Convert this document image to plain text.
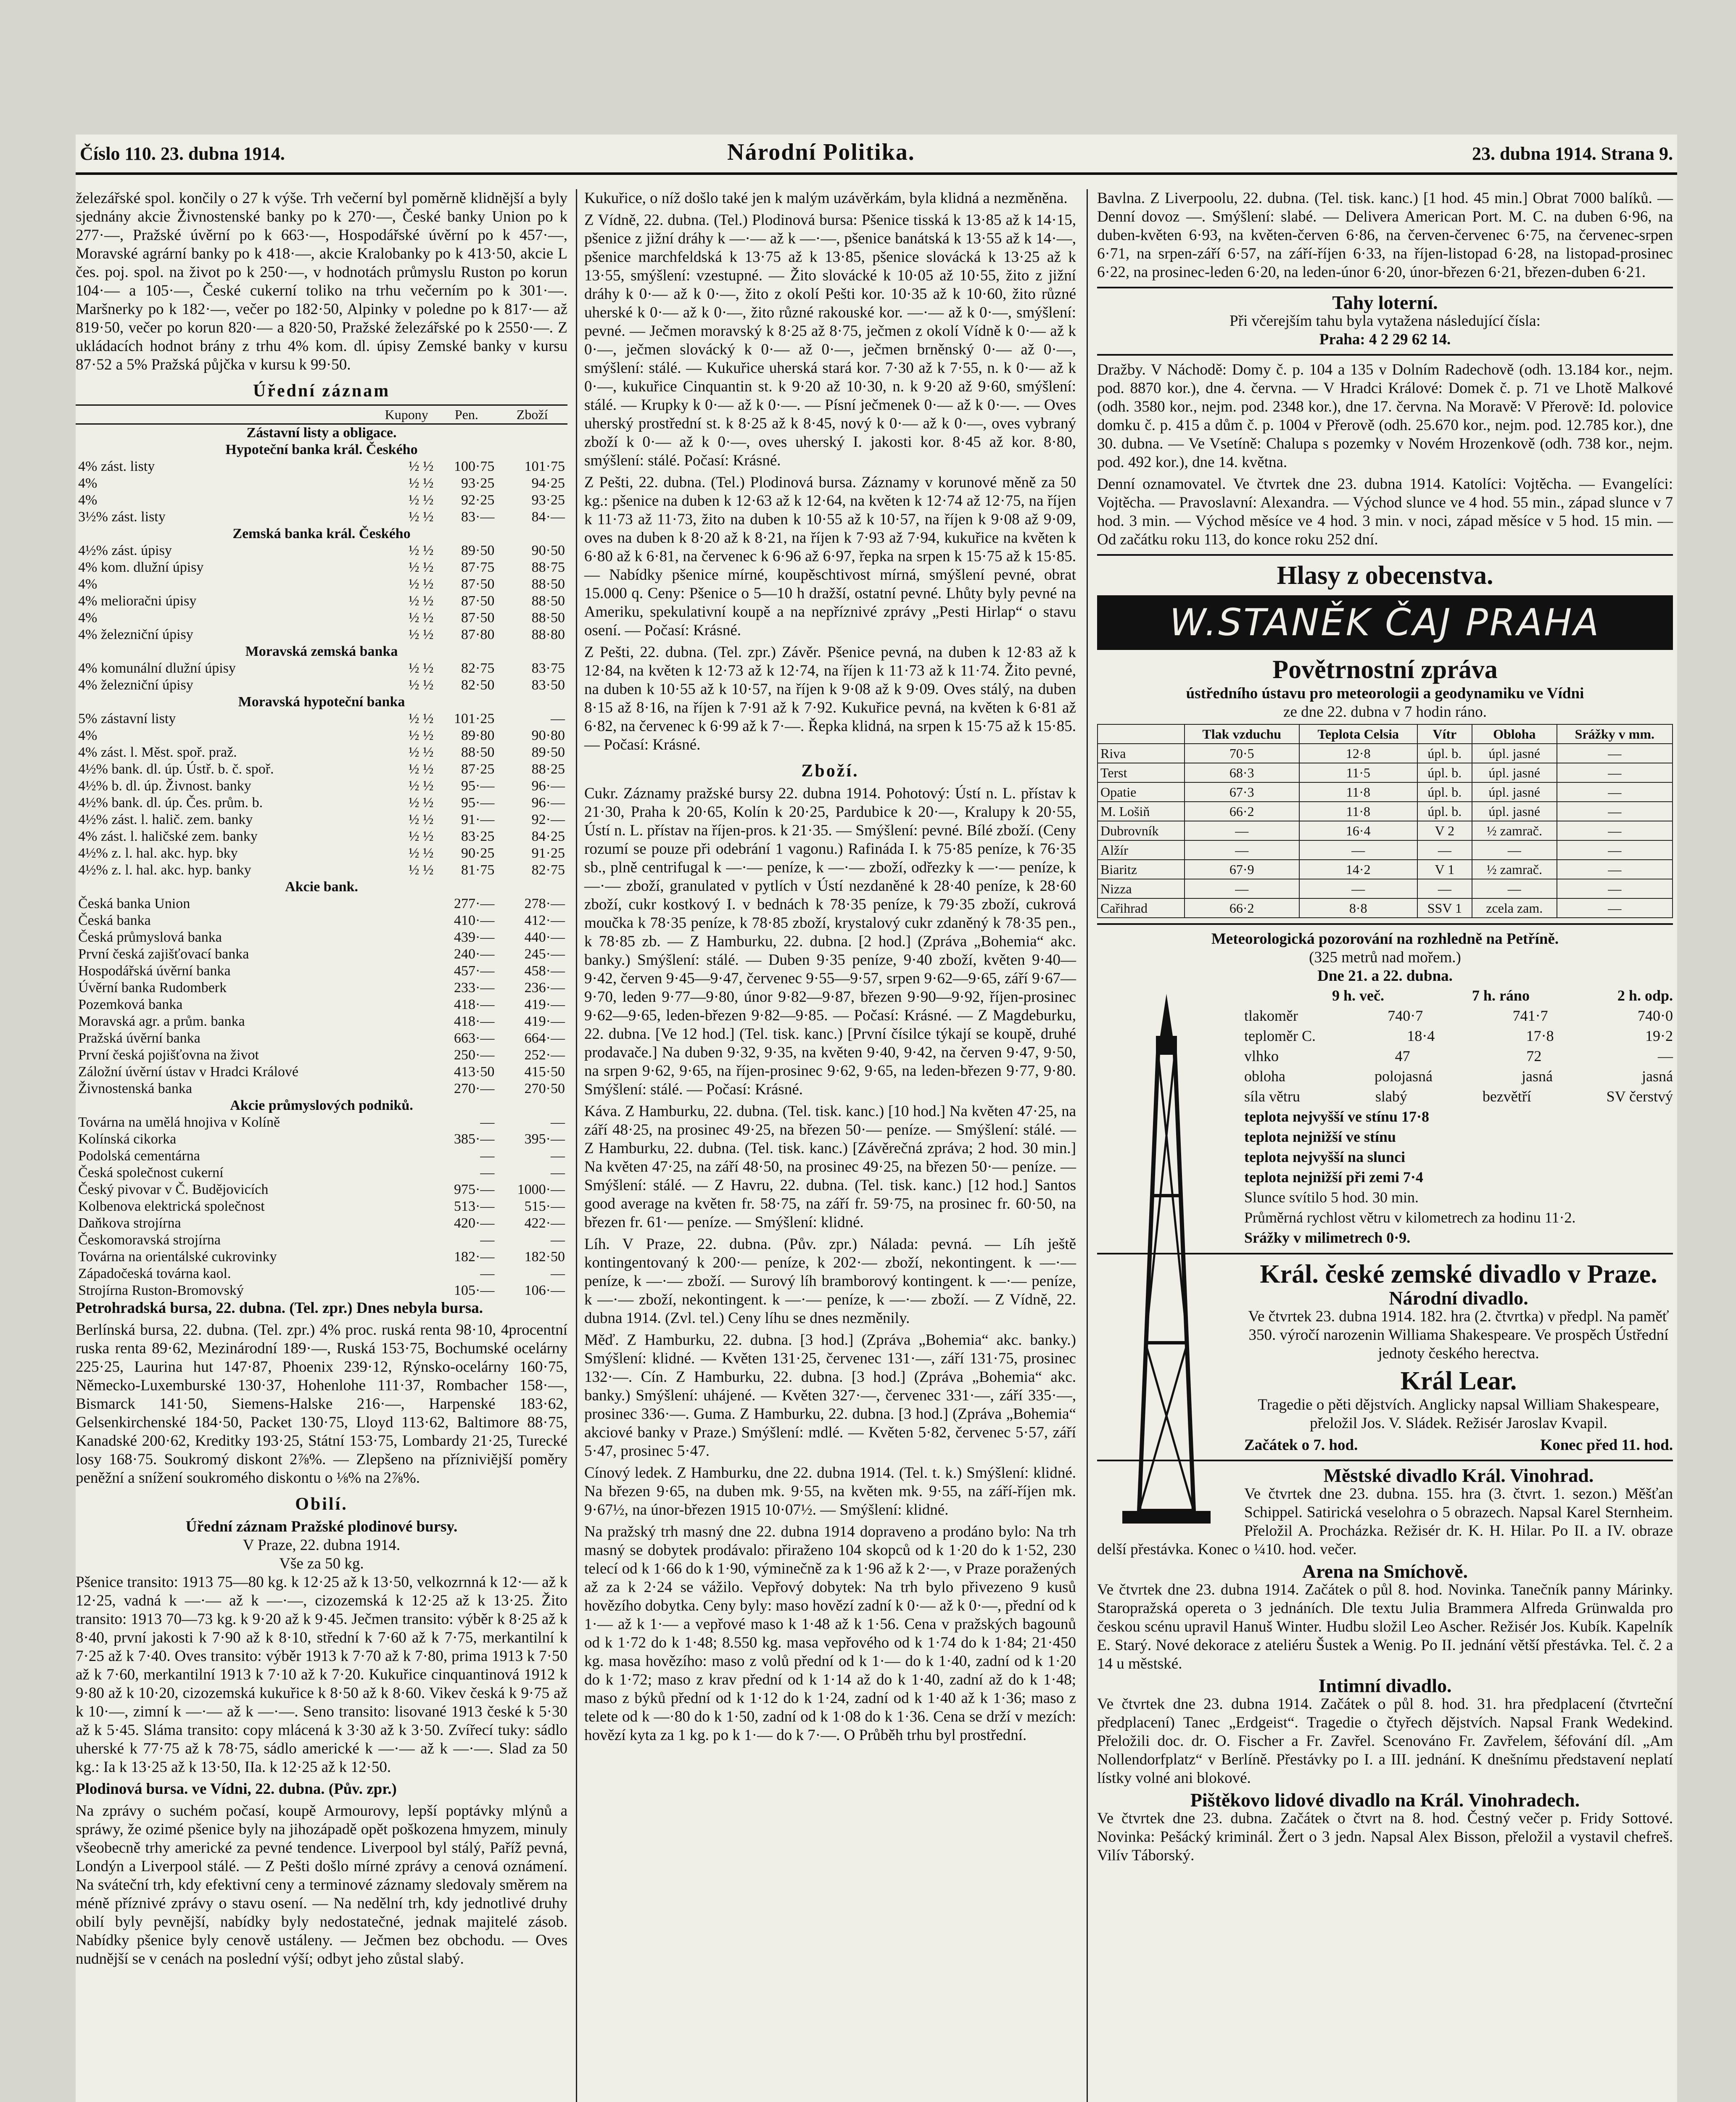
Číslo 110. 23. dubna 1914.	Národní Politika.	23. dubna 1914. Strana 9.

železářské spol. končily o 27 k výše. Trh večerní byl poměrně klidnější a byly sjednány akcie Živnostenské banky po k 270·—, České banky Union po k 277·—, Pražské úvěrní po k 663·—, Hospodářské úvěrní po k 457·—, Moravské agrární banky po k 418·—, akcie Kralobanky po k 413·50, akcie L čes. poj. spol. na život po k 250·—, v hodnotách průmyslu Ruston po korun 104·— a 105·—, České cukerní toliko na trhu večerním po k 301·—. Maršnerky po k 182·—, večer po 182·50, Alpinky v poledne po k 817·— až 819·50, večer po korun 820·— a 820·50, Pražské železářské po k 2550·—. Z ukládacích hodnot brány z trhu 4% kom. dl. úpisy Zemské banky v kursu 87·52 a 5% Pražská půjčka v kursu k 99·50.

Úřední záznam
	Kupony	Pen.	Zboží
Zástavní listy a obligace.			
Hypoteční banka král. Českého			
4% zást. listy	½ ½	100·75	101·75
4%	½ ½	93·25	94·25
4%	½ ½	92·25	93·25
3½% zást. listy	½ ½	83·—	84·—
Zemská banka král. Českého			
4½% zást. úpisy	½ ½	89·50	90·50
4% kom. dlužní úpisy	½ ½	87·75	88·75
4%	½ ½	87·50	88·50
4% melioračni úpisy	½ ½	87·50	88·50
4%	½ ½	87·50	88·50
4% železniční úpisy	½ ½	87·80	88·80
Moravská zemská banka			
4% komunální dlužní úpisy	½ ½	82·75	83·75
4% železniční úpisy	½ ½	82·50	83·50
Moravská hypoteční banka			
5% zástavní listy	½ ½	101·25	—
4%	½ ½	89·80	90·80
4% zást. l. Měst. spoř. praž.	½ ½	88·50	89·50
4½% bank. dl. úp. Ústř. b. č. spoř.	½ ½	87·25	88·25
4½% b. dl. úp. Živnost. banky	½ ½	95·—	96·—
4½% bank. dl. úp. Čes. prům. b.	½ ½	95·—	96·—
4½% zást. l. halič. zem. banky	½ ½	91·—	92·—
4% zást. l. haličské zem. banky	½ ½	83·25	84·25
4½% z. l. hal. akc. hyp. bky	½ ½	90·25	91·25
4½% z. l. hal. akc. hyp. banky	½ ½	81·75	82·75
Akcie bank.			
Česká banka Union		277·—	278·—
Česká banka		410·—	412·—
Česká průmyslová banka		439·—	440·—
První česká zajišťovací banka		240·—	245·—
Hospodářská úvěrní banka		457·—	458·—
Úvěrní banka Rudomberk		233·—	236·—
Pozemková banka		418·—	419·—
Moravská agr. a prům. banka		418·—	419·—
Pražská úvěrní banka		663·—	664·—
První česká pojišťovna na život		250·—	252·—
Záložní úvěrní ústav v Hradci Králové		413·50	415·50
Živnostenská banka		270·—	270·50
Akcie průmyslových podniků.			
Továrna na umělá hnojiva v Kolíně		—	—
Kolínská cikorka		385·—	395·—
Podolská cementárna		—	—
Česká společnost cukerní		—	—
Český pivovar v Č. Budějovicích		975·—	1000·—
Kolbenova elektrická společnost		513·—	515·—
Daňkova strojírna		420·—	422·—
Českomoravská strojírna		—	—
Továrna na orientálské cukrovinky		182·—	182·50
Západočeská továrna kaol.		—	—
Strojírna Ruston-Bromovský		105·—	106·—

Petrohradská bursa, 22. dubna. (Tel. zpr.) Dnes nebyla bursa.

Berlínská bursa, 22. dubna. (Tel. zpr.) 4% proc. ruská renta 98·10, 4procentní ruska renta 89·62, Mezinárodní 189·—, Ruská 153·75, Bochumské ocelárny 225·25, Laurina hut 147·87, Phoenix 239·12, Rýnsko-ocelárny 160·75, Německo-Luxemburské 130·37, Hohenlohe 111·37, Rombacher 158·—, Bismarck 141·50, Siemens-Halske 216·—, Harpenské 183·62, Gelsenkirchenské 184·50, Packet 130·75, Lloyd 113·62, Baltimore 88·75, Kanadské 200·62, Kreditky 193·25, Státní 153·75, Lombardy 21·25, Turecké losy 168·75. Soukromý diskont 2⅞%. — Zlepšeno na přízniviější poměry peněžní a snížení soukromého diskontu o ⅛% na 2⅞%.

Obilí.
Úřední záznam Pražské plodinové bursy.
V Praze, 22. dubna 1914.
Vše za 50 kg.

Pšenice transito: 1913 75—80 kg. k 12·25 až k 13·50, velkozrnná k 12·— až k 12·25, vadná k —·— až k —·—, cizozemská k 12·25 až k 13·25. Žito transito: 1913 70—73 kg. k 9·20 až k 9·45. Ječmen transito: výběr k 8·25 až k 8·40, první jakosti k 7·90 až k 8·10, střední k 7·60 až k 7·75, merkantilní k 7·25 až k 7·40. Oves transito: výběr 1913 k 7·70 až k 7·80, prima 1913 k 7·50 až k 7·60, merkantilní 1913 k 7·10 až k 7·20. Kukuřice cinquantinová 1912 k 9·80 až k 10·20, cizozemská kukuřice k 8·50 až k 8·60. Vikev česká k 9·75 až k 10·—, zimní k —·— až k —·—. Seno transito: lisované 1913 české k 5·30 až k 5·45. Sláma transito: copy mlácená k 3·30 až k 3·50. Zvířecí tuky: sádlo uherské k 77·75 až k 78·75, sádlo americké k —·— až k —·—. Slad za 50 kg.: Ia k 13·25 až k 13·50, IIa. k 12·25 až k 12·50.

Plodinová bursa. ve Vídni, 22. dubna. (Pův. zpr.)

Na zprávy o suchém počasí, koupě Armourovy, lepší poptávky mlýnů a spráwy, že ozimé pšenice byly na jihozápadě opět poškozena hmyzem, minuly všeobecně trhy americké za pevné tendence. Liverpool byl stálý, Paříž pevná, Londýn a Liverpool stálé. — Z Pešti došlo mírné zprávy a cenová oznámení. Na sváteční trh, kdy efektivní ceny a terminové záznamy sledovaly směrem na méně příznivé zprávy o stavu osení. — Na nedělní trh, kdy jednotlivé druhy obilí byly pevnější, nabídky byly nedostatečné, jednak majitelé zásob. Nabídky pšenice byly cenově ustáleny. — Ječmen bez obchodu. — Oves nudnější se v cenách na poslední výší; odbyt jeho zůstal slabý.

Kukuřice, o níž došlo také jen k malým uzávěrkám, byla klidná a nezměněna.

Z Vídně, 22. dubna. (Tel.) Plodinová bursa: Pšenice tisská k 13·85 až k 14·15, pšenice z jižní dráhy k —·— až k —·—, pšenice banátská k 13·55 až k 14·—, pšenice marchfeldská k 13·75 až k 13·85, pšenice slovácká k 13·25 až k 13·55, smýšlení: vzestupné. — Žito slovácké k 10·05 až 10·55, žito z jižní dráhy k 0·— až k 0·—, žito z okolí Pešti kor. 10·35 až k 10·60, žito různé uherské k 0·— až k 0·—, žito různé rakouské kor. —·— až k 0·—, smýšlení: pevné. — Ječmen moravský k 8·25 až 8·75, ječmen z okolí Vídně k 0·— až k 0·—, ječmen slovácký k 0·— až 0·—, ječmen brněnský 0·— až 0·—, smýšlení: stálé. — Kukuřice uherská stará kor. 7·30 až k 7·55, n. k 0·— až k 0·—, kukuřice Cinquantin st. k 9·20 až 10·30, n. k 9·20 až 9·60, smýšlení: stálé. — Krupky k 0·— až k 0·—. — Písní ječmenek 0·— až k 0·—. — Oves uherský prostřední st. k 8·25 až k 8·45, nový k 0·— až k 0·—, oves vybraný zboží k 0·— až k 0·—, oves uherský I. jakosti kor. 8·45 až kor. 8·80, smýšlení: stálé. Počasí: Krásné.

Z Pešti, 22. dubna. (Tel.) Plodinová bursa. Záznamy v korunové měně za 50 kg.: pšenice na duben k 12·63 až k 12·64, na květen k 12·74 až 12·75, na říjen k 11·73 až 11·73, žito na duben k 10·55 až k 10·57, na říjen k 9·08 až 9·09, oves na duben k 8·20 až k 8·21, na říjen k 7·93 až 7·94, kukuřice na květen k 6·80 až k 6·81, na červenec k 6·96 až 6·97, řepka na srpen k 15·75 až k 15·85. — Nabídky pšenice mírné, koupěschtivost mírná, smýšlení pevné, obrat 15.000 q. Ceny: Pšenice o 5—10 h dražší, ostatní pevné. Lhůty byly pevné na Ameriku, spekulativní koupě a na nepříznivé zprávy „Pesti Hirlap“ o stavu osení. — Počasí: Krásné.

Z Pešti, 22. dubna. (Tel. zpr.) Závěr. Pšenice pevná, na duben k 12·83 až k 12·84, na květen k 12·73 až k 12·74, na říjen k 11·73 až k 11·74. Žito pevné, na duben k 10·55 až k 10·57, na říjen k 9·08 až k 9·09. Oves stálý, na duben 8·15 až 8·16, na říjen k 7·91 až k 7·92. Kukuřice pevná, na květen k 6·81 až 6·82, na červenec k 6·99 až k 7·—. Řepka klidná, na srpen k 15·75 až k 15·85. — Počasí: Krásné.

Zboží.

Cukr. Záznamy pražské bursy 22. dubna 1914. Pohotový: Ústí n. L. přístav k 21·30, Praha k 20·65, Kolín k 20·25, Pardubice k 20·—, Kralupy k 20·55, Ústí n. L. přístav na říjen-pros. k 21·35. — Smýšlení: pevné. Bílé zboží. (Ceny rozumí se pouze při odebrání 1 vagonu.) Rafináda I. k 75·85 peníze, k 76·35 sb., plně centrifugal k —·— peníze, k —·— zboží, odřezky k —·— peníze, k —·— zboží, granulated v pytlích v Ústí nezdaněné k 28·40 peníze, k 28·60 zboží, cukr kostkový I. v bednách k 78·35 peníze, k 79·35 zboží, cukrová moučka k 78·35 peníze, k 78·85 zboží, krystalový cukr zdaněný k 78·35 pen., k 78·85 zb. — Z Hamburku, 22. dubna. [2 hod.] (Zpráva „Bohemia“ akc. banky.) Smýšlení: stálé. — Duben 9·35 peníze, 9·40 zboží, květen 9·40—9·42, červen 9·45—9·47, červenec 9·55—9·57, srpen 9·62—9·65, září 9·67—9·70, leden 9·77—9·80, únor 9·82—9·87, březen 9·90—9·92, říjen-prosinec 9·62—9·65, leden-březen 9·82—9·85. — Počasí: Krásné. — Z Magdeburku, 22. dubna. [Ve 12 hod.] (Tel. tisk. kanc.) [První čísilce týkají se koupě, druhé prodavače.] Na duben 9·32, 9·35, na květen 9·40, 9·42, na červen 9·47, 9·50, na srpen 9·62, 9·65, na říjen-prosinec 9·62, 9·65, na leden-březen 9·77, 9·80. Smýšlení: stálé. — Počasí: Krásné.

Káva. Z Hamburku, 22. dubna. (Tel. tisk. kanc.) [10 hod.] Na květen 47·25, na září 48·25, na prosinec 49·25, na březen 50·— peníze. — Smýšlení: stálé. — Z Hamburku, 22. dubna. (Tel. tisk. kanc.) [Závěrečná zpráva; 2 hod. 30 min.] Na květen 47·25, na září 48·50, na prosinec 49·25, na březen 50·— peníze. — Smýšlení: stálé. — Z Havru, 22. dubna. (Tel. tisk. kanc.) [12 hod.] Santos good average na květen fr. 58·75, na září fr. 59·75, na prosinec fr. 60·50, na březen fr. 61·— peníze. — Smýšlení: klidné.

Líh. V Praze, 22. dubna. (Pův. zpr.) Nálada: pevná. — Líh ještě kontingentovaný k 200·— peníze, k 202·— zboží, nekontingent. k —·— peníze, k —·— zboží. — Surový líh bramborový kontingent. k —·— peníze, k —·— zboží, nekontingent. k —·— peníze, k —·— zboží. — Z Vídně, 22. dubna 1914. (Zvl. tel.) Ceny líhu se dnes nezměnily.

Měď. Z Hamburku, 22. dubna. [3 hod.] (Zpráva „Bohemia“ akc. banky.) Smýšlení: klidné. — Květen 131·25, červenec 131·—, září 131·75, prosinec 132·—. Cín. Z Hamburku, 22. dubna. [3 hod.] (Zpráva „Bohemia“ akc. banky.) Smýšlení: uhájené. — Květen 327·—, červenec 331·—, září 335·—, prosinec 336·—. Guma. Z Hamburku, 22. dubna. [3 hod.] (Zpráva „Bohemia“ akciové banky v Praze.) Smýšlení: mdlé. — Květen 5·82, červenec 5·57, září 5·47, prosinec 5·47.

Cínový ledek. Z Hamburku, dne 22. dubna 1914. (Tel. t. k.) Smýšlení: klidné. Na březen 9·65, na duben mk. 9·55, na květen mk. 9·55, na září-říjen mk. 9·67½, na únor-březen 1915 10·07½. — Smýšlení: klidné.

Na pražský trh masný dne 22. dubna 1914 dopraveno a prodáno bylo: Na trh masný se dobytek prodávalo: přiraženo 104 skopců od k 1·20 do k 1·52, 230 telecí od k 1·66 do k 1·90, výminečně za k 1·96 až k 2·—, v Praze poražených až za k 2·24 se vážilo. Vepřový dobytek: Na trh bylo přivezeno 9 kusů hovězího dobytka. Ceny byly: maso hovězí zadní k 0·— až k 0·—, přední od k 1·— až k 1·— a vepřové maso k 1·48 až k 1·56. Cena v pražských bagounů od k 1·72 do k 1·48; 8.550 kg. masa vepřového od k 1·74 do k 1·84; 21·450 kg. masa hovězího: maso z volů přední od k 1·— do k 1·40, zadní od k 1·20 do k 1·72; maso z krav přední od k 1·14 až do k 1·40, zadní až do k 1·48; maso z býků přední od k 1·12 do k 1·24, zadní od k 1·40 až k 1·36; maso z telete od k —·80 do k 1·50, zadní od k 1·08 do k 1·36. Cena se drží v mezích: hovězí kyta za 1 kg. po k 1·— do k 7·—. O Průběh trhu byl prostřední.

Bavlna. Z Liverpoolu, 22. dubna. (Tel. tisk. kanc.) [1 hod. 45 min.] Obrat 7000 balíků. — Denní dovoz —. Smýšlení: slabé. — Delivera American Port. M. C. na duben 6·96, na duben-květen 6·93, na květen-červen 6·86, na červen-červenec 6·75, na červenec-srpen 6·71, na srpen-září 6·57, na září-říjen 6·33, na říjen-listopad 6·28, na listopad-prosinec 6·22, na prosinec-leden 6·20, na leden-únor 6·20, únor-březen 6·21, březen-duben 6·21.

Tahy loterní.
Při včerejším tahu byla vytažena následující čísla:
Praha: 4 2 29 62 14.

Dražby. V Náchodě: Domy č. p. 104 a 135 v Dolním Radechově (odh. 13.184 kor., nejm. pod. 8870 kor.), dne 4. června. — V Hradci Králové: Domek č. p. 71 ve Lhotě Malkové (odh. 3580 kor., nejm. pod. 2348 kor.), dne 17. června. Na Moravě: V Přerově: Id. polovice domku č. p. 415 a dům č. p. 1004 v Přerově (odh. 25.670 kor., nejm. pod. 12.785 kor.), dne 30. dubna. — Ve Vsetíně: Chalupa s pozemky v Novém Hrozenkově (odh. 738 kor., nejm. pod. 492 kor.), dne 14. května.

Denní oznamovatel. Ve čtvrtek dne 23. dubna 1914. Katolíci: Vojtěcha. — Evangelíci: Vojtěcha. — Pravoslavní: Alexandra. — Východ slunce ve 4 hod. 55 min., západ slunce v 7 hod. 3 min. — Východ měsíce ve 4 hod. 3 min. v noci, západ měsíce v 5 hod. 15 min. — Od začátku roku 113, do konce roku 252 dní.

Hlasy z obecenstva.
W.STANĚK ČAJ PRAHA
Povětrnostní zpráva
ústředního ústavu pro meteorologii a geodynamiku ve Vídni
ze dne 22. dubna v 7 hodin ráno.
	Tlak vzduchu	Teplota Celsia	Vítr	Obloha	Srážky v mm.
Riva	70·5	12·8	úpl. b.	úpl. jasné	—
Terst	68·3	11·5	úpl. b.	úpl. jasné	—
Opatie	67·3	11·8	úpl. b.	úpl. jasné	—
M. Lošiň	66·2	11·8	úpl. b.	úpl. jasné	—
Dubrovník	—	16·4	V 2	½ zamrač.	—
Alžír	—	—	—	—	—
Biaritz	67·9	14·2	V 1	½ zamrač.	—
Nizza	—	—	—	—	—
Cařihrad	66·2	8·8	SSV 1	zcela zam.	—
Meteorologická pozorování na rozhledně na Petříně.
(325 metrů nad mořem.)
Dne 21. a 22. dubna.
9 h. več.	7 h. ráno	2 h. odp.
tlakoměr	740·7	741·7	740·0
teploměr C.	18·4	17·8	19·2
vlhko	47	72	—
obloha	polojasná	jasná	jasná
síla větru	slabý	bezvětří	SV čerstvý
teplota nejvyšší ve stínu 17·8
teplota nejnižší ve stínu
teplota nejvyšší na slunci
teplota nejnižší při zemi 7·4
Slunce svítilo 5 hod. 30 min.
Průměrná rychlost větru v kilometrech za hodinu 11·2.
Srážky v milimetrech 0·9.
Král. české zemské divadlo v Praze.
Národní divadlo.

Ve čtvrtek 23. dubna 1914. 182. hra (2. čtvrtka) v předpl. Na paměť 350. výročí narozenin Williama Shakespeare. Ve prospěch Ústřední jednoty českého herectva.

Král Lear.

Tragedie o pěti dějstvích. Anglicky napsal William Shakespeare, přeložil Jos. V. Sládek. Režisér Jaroslav Kvapil.

Začátek o 7. hod.	Konec před 11. hod.
Městské divadlo Král. Vinohrad.

Ve čtvrtek dne 23. dubna. 155. hra (3. čtvrt. 1. sezon.) Měšťan Schippel. Satirická veselohra o 5 obrazech. Napsal Karel Sternheim. Přeložil A. Procházka. Režisér dr. K. H. Hilar. Po II. a IV. obraze delší přestávka. Konec o ¼10. hod. večer.

Arena na Smíchově.

Ve čtvrtek dne 23. dubna 1914. Začátek o půl 8. hod. Novinka. Tanečník panny Márinky. Staropražská opereta o 3 jednáních. Dle textu Julia Brammera Alfreda Grünwalda pro českou scénu upravil Hanuš Winter. Hudbu složil Leo Ascher. Režisér Jos. Kubík. Kapelník E. Starý. Nové dekorace z ateliéru Šustek a Wenig. Po II. jednání větší přestávka. Tel. č. 2 a 14 u městské.

Intimní divadlo.

Ve čtvrtek dne 23. dubna 1914. Začátek o půl 8. hod. 31. hra předplacení (čtvrteční předplacení) Tanec „Erdgeist“. Tragedie o čtyřech dějstvích. Napsal Frank Wedekind. Přeložili doc. dr. O. Fischer a Fr. Zavřel. Scenováno Fr. Zavřelem, šéfování díl. „Am Nollendorfplatz“ v Berlíně. Přestávky po I. a III. jednání. K dnešnímu představení neplatí lístky volné ani blokové.

Pištěkovo lidové divadlo na Král. Vinohradech.

Ve čtvrtek dne 23. dubna. Začátek o čtvrt na 8. hod. Čestný večer p. Fridy Sottové. Novinka: Pešácký kriminál. Žert o 3 jedn. Napsal Alex Bisson, přeložil a vystavil chefreš. Vilív Táborský.
